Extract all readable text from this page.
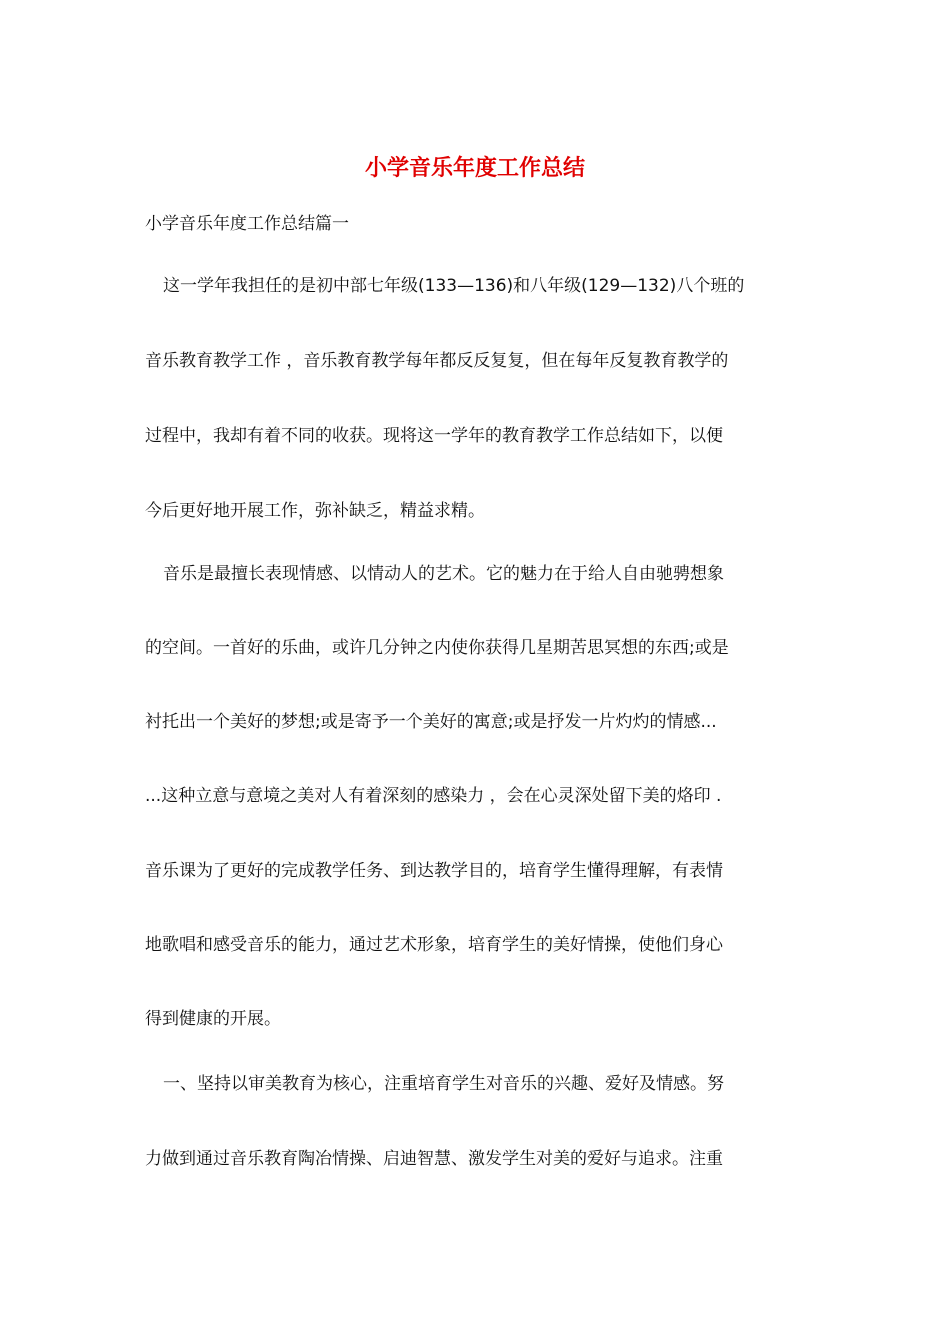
小学音乐年度工作总结

小学音乐年度工作总结篇一

这一学年我担任的是初中部七年级(133—136)和八年级(129—132)八个班的

音乐教育教学工作 ，音乐教育教学每年都反反复复，但在每年反复教育教学的

过程中，我却有着不同的收获。现将这一学年的教育教学工作总结如下，以便

今后更好地开展工作，弥补缺乏，精益求精。

音乐是最擅长表现情感、以情动人的艺术。它的魅力在于给人自由驰骋想象

的空间。一首好的乐曲，或许几分钟之内使你获得几星期苦思冥想的东西;或是

衬托出一个美好的梦想;或是寄予一个美好的寓意;或是抒发一片灼灼的情感...

...这种立意与意境之美对人有着深刻的感染力 ，会在心灵深处留下美的烙印 .

音乐课为了更好的完成教学任务、到达教学目的，培育学生懂得理解，有表情

地歌唱和感受音乐的能力，通过艺术形象，培育学生的美好情操，使他们身心

得到健康的开展。

一、坚持以审美教育为核心，注重培育学生对音乐的兴趣、爱好及情感。努

力做到通过音乐教育陶冶情操、启迪智慧、激发学生对美的爱好与追求。注重
